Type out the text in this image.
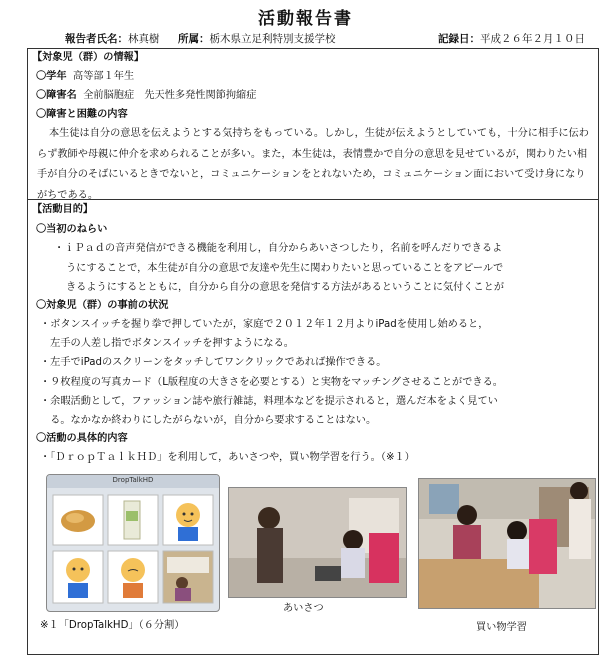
活動報告書
報告者氏名：林真樹 所属：栃木県立足利特別支援学校	記録日：平成２６年２月１０日
【対象児（群）の情報】
〇学年 高等部１年生
〇障害名 全前脳胞症　先天性多発性関節拘縮症
〇障害と困難の内容
本生徒は自分の意思を伝えようとする気持ちをもっている。しかし，生徒が伝えようとしていても，十分に相手に伝わらず教師や母親に仲介を求められることが多い。また，本生徒は，表情豊かで自分の意思を見せているが，関わりたい相手が自分のそばにいるときでないと，コミュニケーションをとれないため，コミュニケーション面において受け身になりがちである。
【活動目的】
〇当初のねらい
・ｉＰａｄの音声発信ができる機能を利用し，自分からあいさつしたり，名前を呼んだりできるよ
うにすることで，本生徒が自分の意思で友達や先生に関わりたいと思っていることをアピールで
きるようにするとともに，自分から自分の意思を発信する方法があるということに気付くことが
〇対象児（群）の事前の状況
・ボタンスイッチを握り拳で押していたが，家庭で２０１２年１２月よりiPadを使用し始めると，
　左手の人差し指でボタンスイッチを押すようになる。
・左手でiPadのスクリーンをタッチしてワンクリックであれば操作できる。
・９枚程度の写真カード（L版程度の大きさを必要とする）と実物をマッチングさせることができる。
・余暇活動として，ファッション誌や旅行雑誌，料理本などを提示されると，選んだ本をよく見てい
　る。なかなか終わりにしたがらないが，自分から要求することはない。
〇活動の具体的内容
・「ＤｒｏｐＴａｌｋＨＤ」を利用して，あいさつや，買い物学習を行う。（※１）
DropTalkHD
※１「DropTalkHD」（６分割）
あいさつ
買い物学習
